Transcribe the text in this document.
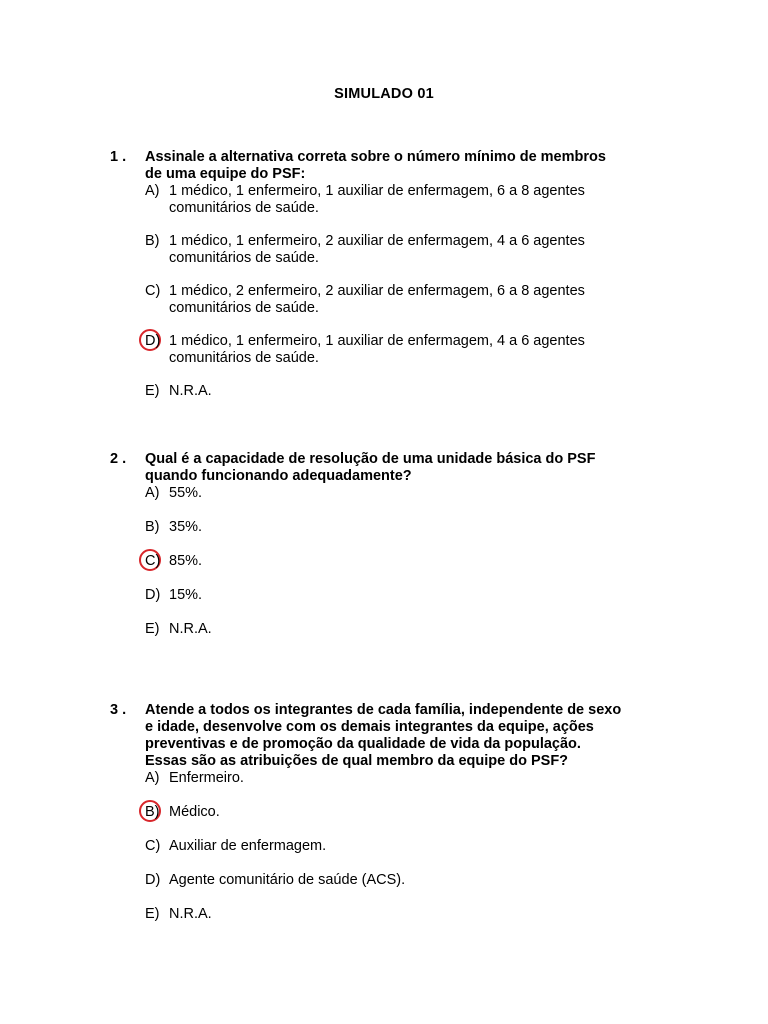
SIMULADO 01
1 . Assinale a alternativa correta sobre o número mínimo de membros
de uma equipe do PSF:
A) 1 médico, 1 enfermeiro, 1 auxiliar de enfermagem, 6 a 8 agentes
comunitários de saúde.
B) 1 médico, 1 enfermeiro, 2 auxiliar de enfermagem, 4 a 6 agentes
comunitários de saúde.
C) 1 médico, 2 enfermeiro, 2 auxiliar de enfermagem, 6 a 8 agentes
comunitários de saúde.
D) 1 médico, 1 enfermeiro, 1 auxiliar de enfermagem, 4 a 6 agentes
comunitários de saúde.
E) N.R.A.
2 . Qual é a capacidade de resolução de uma unidade básica do PSF
quando funcionando adequadamente?
A) 55%.
B) 35%.
C) 85%.
D) 15%.
E) N.R.A.
3 . Atende a todos os integrantes de cada família, independente de sexo
e idade, desenvolve com os demais integrantes da equipe, ações
preventivas e de promoção da qualidade de vida da população.
Essas são as atribuições de qual membro da equipe do PSF?
A) Enfermeiro.
B) Médico.
C) Auxiliar de enfermagem.
D) Agente comunitário de saúde (ACS).
E) N.R.A.
